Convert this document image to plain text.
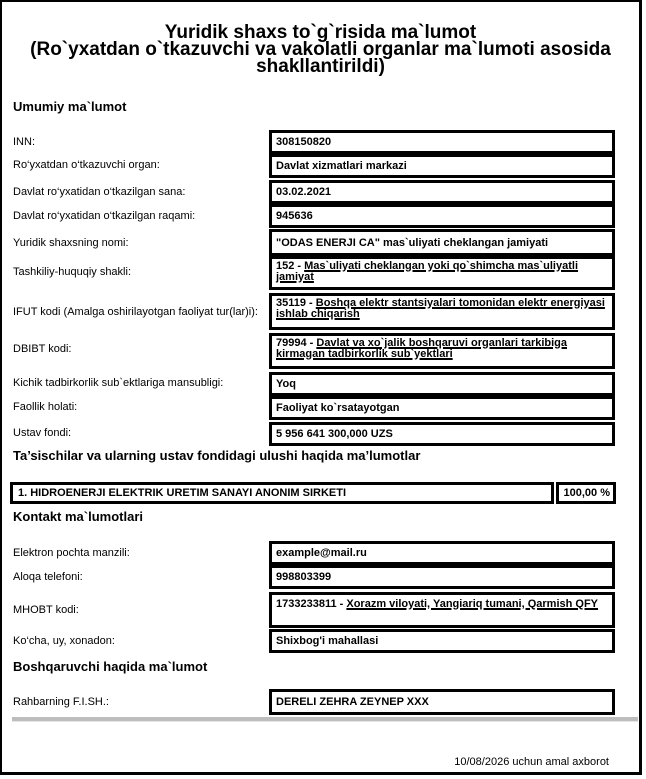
Yuridik shaxs to`g`risida ma`lumot
(Ro`yxatdan o`tkazuvchi va vakolatli organlar ma`lumoti asosida shakllantirildi)
Umumiy ma`lumot
INN:	308150820
Ro‘yxatdan o‘tkazuvchi organ:	Davlat xizmatlari markazi
Davlat ro‘yxatidan o‘tkazilgan sana:	03.02.2021
Davlat ro‘yxatidan o‘tkazilgan raqami:	945636
Yuridik shaxsning nomi:	"ODAS ENERJI CA" mas`uliyati cheklangan jamiyati
Tashkiliy-huquqiy shakli:	152 - Mas`uliyati cheklangan yoki qo`shimcha mas`uliyatli jamiyat
IFUT kodi (Amalga oshirilayotgan faoliyat tur(lar)i):
35119 - Boshqa elektr stantsiyalari tomonidan elektr energiyasi ishlab chiqarish
DBIBT kodi:	79994 - Davlat va xo`jalik boshqaruvi organlari tarkibiga kirmagan tadbirkorlik sub`yektlari
Kichik tadbirkorlik sub`ektlariga mansubligi:	Yoq
Faollik holati:	Faoliyat ko`rsatayotgan
Ustav fondi:	5 956 641 300,000 UZS
Ta’sischilar va ularning ustav fondidagi ulushi haqida ma’lumotlar
1. HIDROENERJI ELEKTRIK URETIM SANAYI ANONIM SIRKETI	100,00 %
Kontakt ma`lumotlari
Elektron pochta manzili:	example@mail.ru
Aloqa telefoni:	998803399
MHOBT kodi:	1733233811 - Xorazm viloyati, Yangiariq tumani, Qarmish QFY
Ko‘cha, uy, xonadon:	Shixbog'i mahallasi
Boshqaruvchi haqida ma`lumot
Rahbarning F.I.SH.:	DERELI ZEHRA ZEYNEP XXX
10/08/2026 uchun amal axborot
